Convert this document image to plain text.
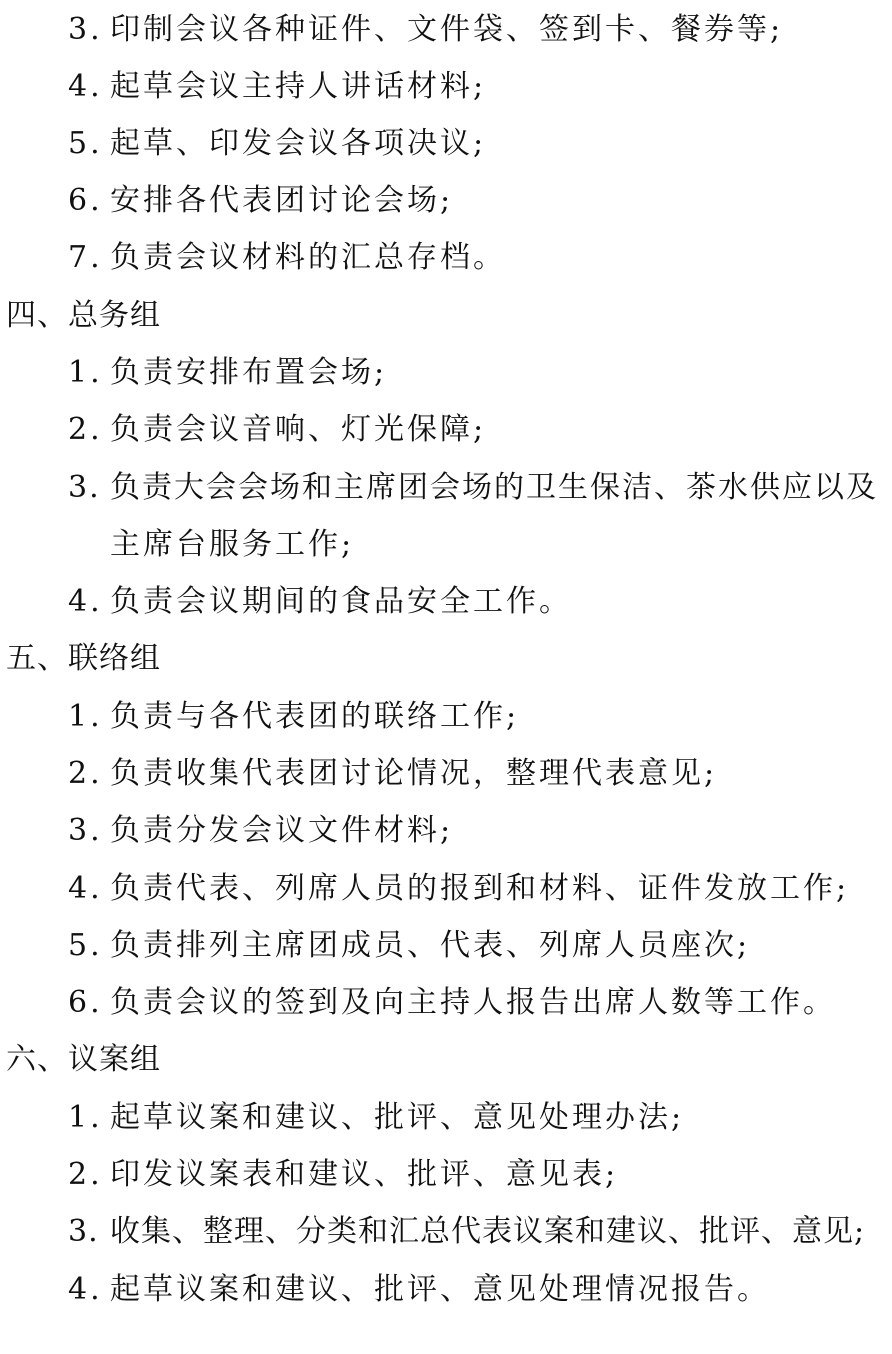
3. 印制会议各种证件、文件袋、签到卡、餐券等;
4. 起草会议主持人讲话材料;
5. 起草、印发会议各项决议;
6. 安排各代表团讨论会场;
7. 负责会议材料的汇总存档。
四、总务组
1. 负责安排布置会场;
2. 负责会议音响、灯光保障;
3. 负责大会会场和主席团会场的卫生保洁、茶水供应以及
主席台服务工作;
4. 负责会议期间的食品安全工作。
五、联络组
1. 负责与各代表团的联络工作;
2. 负责收集代表团讨论情况，整理代表意见;
3. 负责分发会议文件材料;
4. 负责代表、列席人员的报到和材料、证件发放工作;
5. 负责排列主席团成员、代表、列席人员座次;
6. 负责会议的签到及向主持人报告出席人数等工作。
六、议案组
1. 起草议案和建议、批评、意见处理办法;
2. 印发议案表和建议、批评、意见表;
3. 收集、整理、分类和汇总代表议案和建议、批评、意见;
4. 起草议案和建议、批评、意见处理情况报告。
